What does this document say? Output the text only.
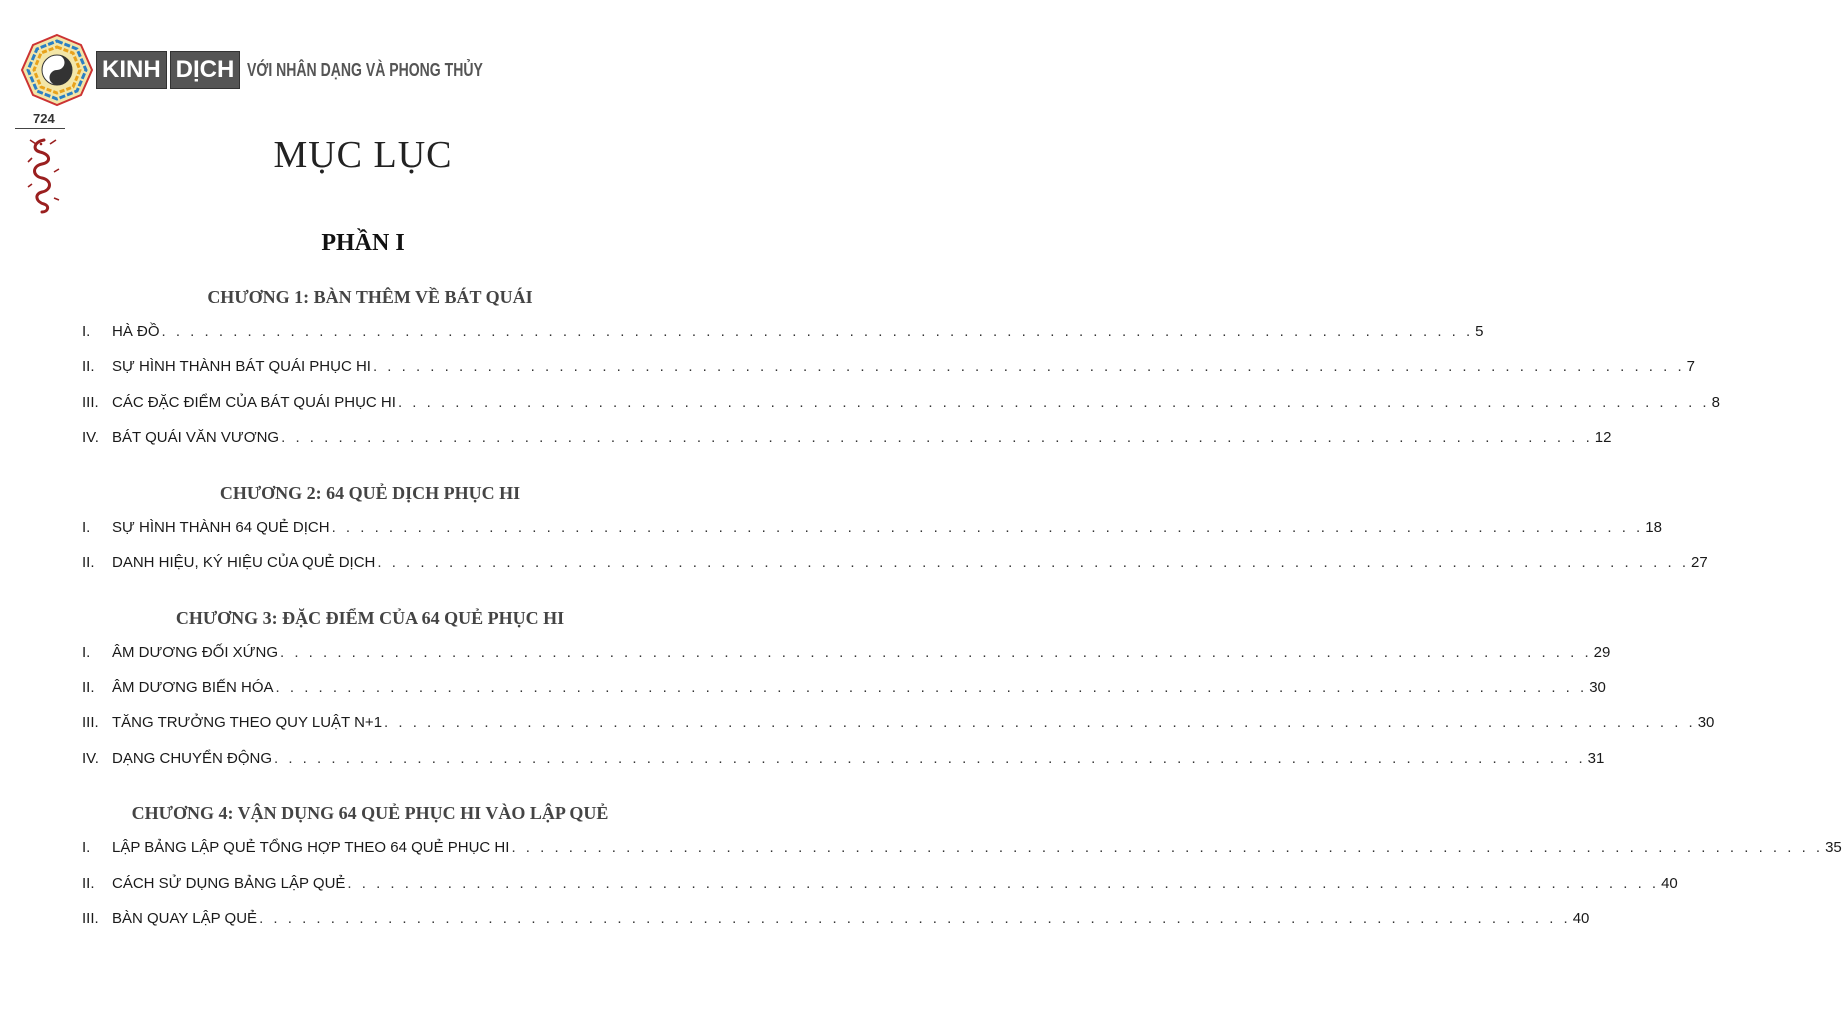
KINH DỊCH VỚI NHÂN DẠNG VÀ PHONG THỦY
724
MỤC LỤC
PHẦN I
CHƯƠNG 1: BÀN THÊM VỀ BÁT QUÁI
I.	HÀ ĐỒ . . . . . . . . . . . . . . . . . . . . . . . . . . . . . . . . . . . . . . . . . . . . . . . . . . . . . . . . . . . . . . . . . . . . . . . . . . . . . . . . . . . . . . . . . . . . 5
II.	SỰ HÌNH THÀNH BÁT QUÁI PHỤC HI . . . . . . . . . . . . . . . . . . . . . . . . . . . . . . . . . . . . . . . . . . . . . . . . . . . . . . . . . . . . . . . . . . . . . . . . . . . . . . . . . . . . . . . . . . . . 7
III. CÁC ĐẶC ĐIỂM CỦA BÁT QUÁI PHỤC HI . . . . . . . . . . . . . . . . . . . . . . . . . . . . . . . . . . . . . . . . . . . . . . . . . . . . . . . . . . . . . . . . . . . . . . . . . . . . . . . . . . . . . . . . . . . . 8
IV. BÁT QUÁI VĂN VƯƠNG . . . . . . . . . . . . . . . . . . . . . . . . . . . . . . . . . . . . . . . . . . . . . . . . . . . . . . . . . . . . . . . . . . . . . . . . . . . . . . . . . . . . . . . . . . . . 12
CHƯƠNG 2: 64 QUẺ DỊCH PHỤC HI
I.	SỰ HÌNH THÀNH 64 QUẺ DỊCH . . . . . . . . . . . . . . . . . . . . . . . . . . . . . . . . . . . . . . . . . . . . . . . . . . . . . . . . . . . . . . . . . . . . . . . . . . . . . . . . . . . . . . . . . . . . 18
II.	DANH HIỆU, KÝ HIỆU CỦA QUẺ DỊCH . . . . . . . . . . . . . . . . . . . . . . . . . . . . . . . . . . . . . . . . . . . . . . . . . . . . . . . . . . . . . . . . . . . . . . . . . . . . . . . . . . . . . . . . . . . . 27
CHƯƠNG 3: ĐẶC ĐIỂM CỦA 64 QUẺ PHỤC HI
I.	ÂM DƯƠNG ĐỐI XỨNG . . . . . . . . . . . . . . . . . . . . . . . . . . . . . . . . . . . . . . . . . . . . . . . . . . . . . . . . . . . . . . . . . . . . . . . . . . . . . . . . . . . . . . . . . . . . 29
II.	ÂM DƯƠNG BIẾN HÓA . . . . . . . . . . . . . . . . . . . . . . . . . . . . . . . . . . . . . . . . . . . . . . . . . . . . . . . . . . . . . . . . . . . . . . . . . . . . . . . . . . . . . . . . . . . . 30
III. TĂNG TRƯỞNG THEO QUY LUẬT N+1 . . . . . . . . . . . . . . . . . . . . . . . . . . . . . . . . . . . . . . . . . . . . . . . . . . . . . . . . . . . . . . . . . . . . . . . . . . . . . . . . . . . . . . . . . . . . 30
IV. DẠNG CHUYỂN ĐỘNG . . . . . . . . . . . . . . . . . . . . . . . . . . . . . . . . . . . . . . . . . . . . . . . . . . . . . . . . . . . . . . . . . . . . . . . . . . . . . . . . . . . . . . . . . . . . 31
CHƯƠNG 4: VẬN DỤNG 64 QUẺ PHỤC HI VÀO LẬP QUẺ
I.	LẬP BẢNG LẬP QUẺ TỔNG HỢP THEO 64 QUẺ PHỤC HI . . . . . . . . . . . . . . . . . . . . . . . . . . . . . . . . . . . . . . . . . . . . . . . . . . . . . . . . . . . . . . . . . . . . . . . . . . . . . . . . . . . . . . . . . . . . 35
II.	CÁCH SỬ DỤNG BẢNG LẬP QUẺ . . . . . . . . . . . . . . . . . . . . . . . . . . . . . . . . . . . . . . . . . . . . . . . . . . . . . . . . . . . . . . . . . . . . . . . . . . . . . . . . . . . . . . . . . . . . 40
III. BÀN QUAY LẬP QUẺ . . . . . . . . . . . . . . . . . . . . . . . . . . . . . . . . . . . . . . . . . . . . . . . . . . . . . . . . . . . . . . . . . . . . . . . . . . . . . . . . . . . . . . . . . . . . 40
